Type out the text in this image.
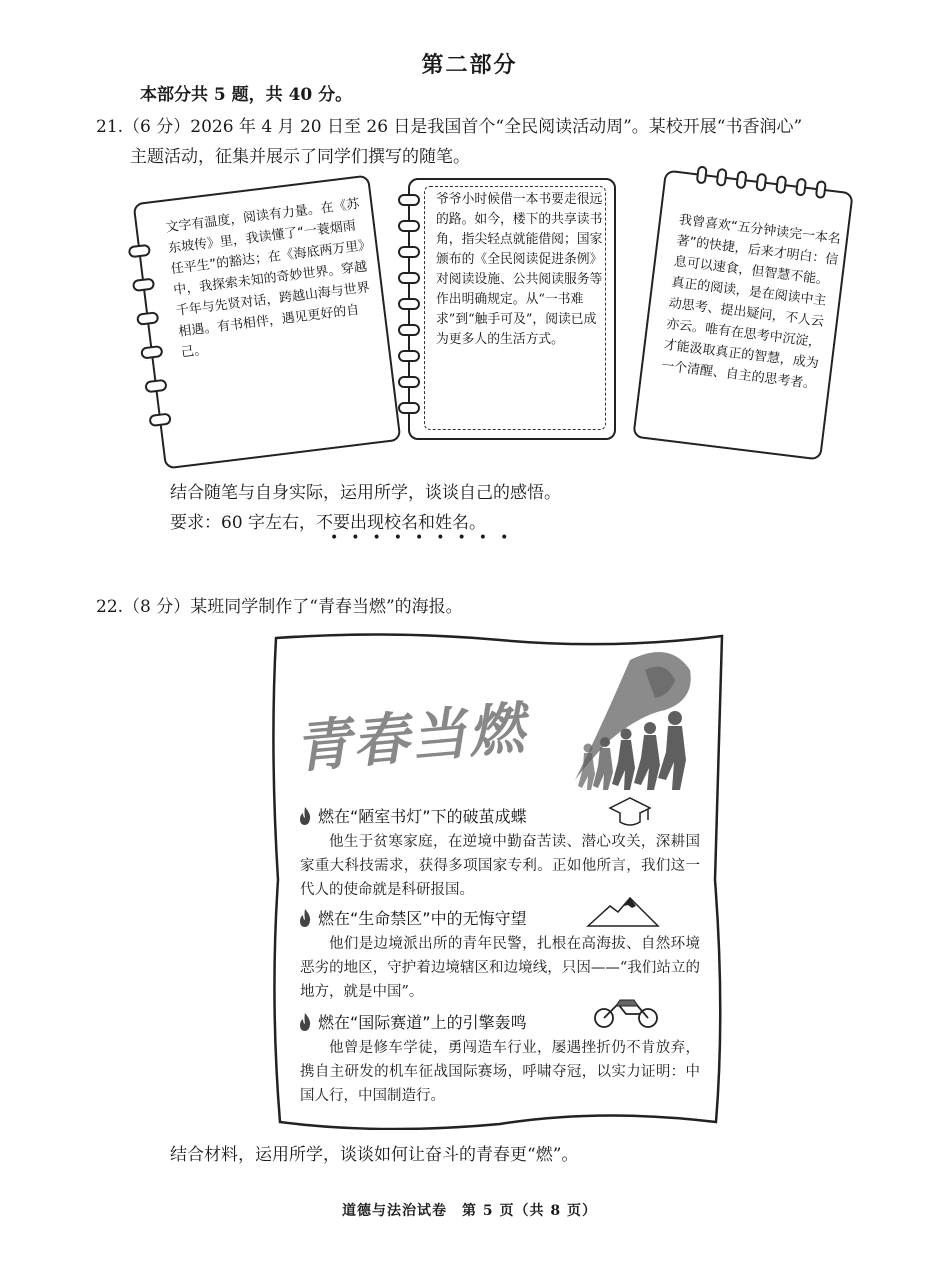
第二部分
本部分共 5 题，共 40 分。
21.（6 分）2026 年 4 月 20 日至 26 日是我国首个“全民阅读活动周”。某校开展“书香润心”
主题活动，征集并展示了同学们撰写的随笔。
文字有温度，阅读有力量。在《苏东坡传》里，我读懂了“一蓑烟雨任平生”的豁达；在《海底两万里》中，我探索未知的奇妙世界。穿越千年与先贤对话，跨越山海与世界相遇。有书相伴，遇见更好的自己。
爷爷小时候借一本书要走很远的路。如今，楼下的共享读书角，指尖轻点就能借阅；国家颁布的《全民阅读促进条例》对阅读设施、公共阅读服务等作出明确规定。从“一书难求”到“触手可及”，阅读已成为更多人的生活方式。
我曾喜欢“五分钟读完一本名著”的快捷，后来才明白：信息可以速食，但智慧不能。真正的阅读，是在阅读中主动思考、提出疑问，不人云亦云。唯有在思考中沉淀，才能汲取真正的智慧，成为一个清醒、自主的思考者。
结合随笔与自身实际，运用所学，谈谈自己的感悟。
要求：60 字左右，不要出现校名和姓名。
•••••••••
22.（8 分）某班同学制作了“青春当燃”的海报。
青春当燃
燃在“陋室书灯”下的破茧成蝶
他生于贫寒家庭，在逆境中勤奋苦读、潜心攻关，深耕国家重大科技需求，获得多项国家专利。正如他所言，我们这一代人的使命就是科研报国。
燃在“生命禁区”中的无悔守望
他们是边境派出所的青年民警，扎根在高海拔、自然环境恶劣的地区，守护着边境辖区和边境线，只因——“我们站立的地方，就是中国”。
燃在“国际赛道”上的引擎轰鸣
他曾是修车学徒，勇闯造车行业，屡遇挫折仍不肯放弃，携自主研发的机车征战国际赛场，呼啸夺冠，以实力证明：中国人行，中国制造行。
结合材料，运用所学，谈谈如何让奋斗的青春更“燃”。
道德与法治试卷　第 5 页（共 8 页）
